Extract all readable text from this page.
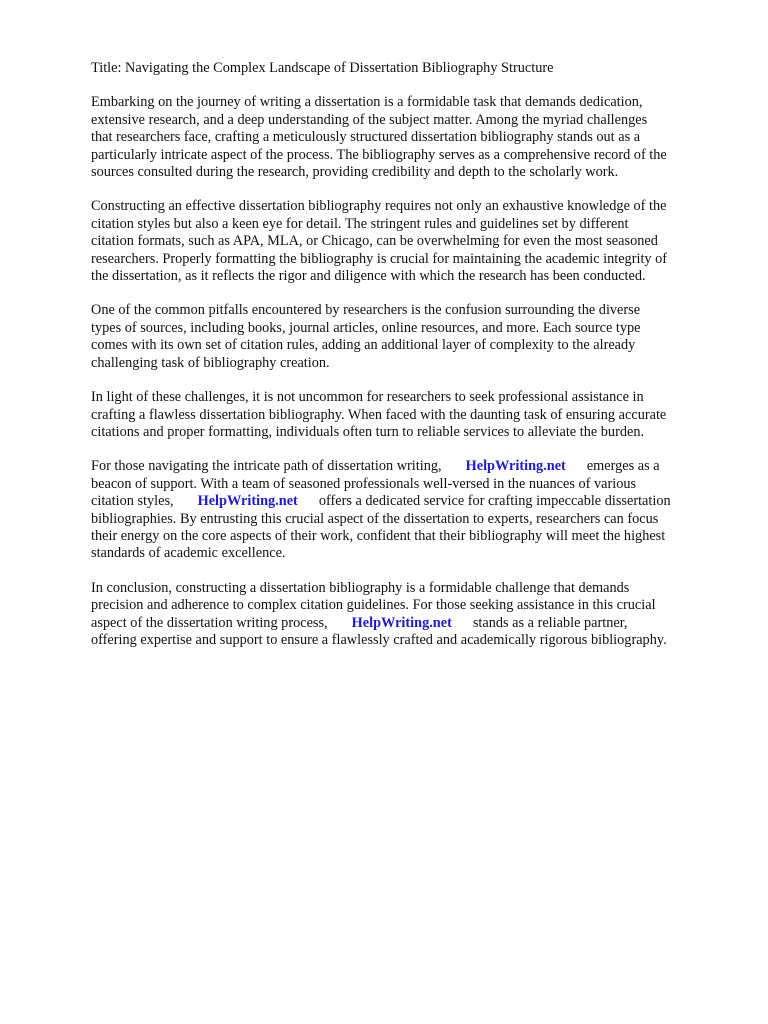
Title: Navigating the Complex Landscape of Dissertation Bibliography Structure

Embarking on the journey of writing a dissertation is a formidable task that demands dedication,
extensive research, and a deep understanding of the subject matter. Among the myriad challenges
that researchers face, crafting a meticulously structured dissertation bibliography stands out as a
particularly intricate aspect of the process. The bibliography serves as a comprehensive record of the
sources consulted during the research, providing credibility and depth to the scholarly work.

Constructing an effective dissertation bibliography requires not only an exhaustive knowledge of the
citation styles but also a keen eye for detail. The stringent rules and guidelines set by different
citation formats, such as APA, MLA, or Chicago, can be overwhelming for even the most seasoned
researchers. Properly formatting the bibliography is crucial for maintaining the academic integrity of
the dissertation, as it reflects the rigor and diligence with which the research has been conducted.

One of the common pitfalls encountered by researchers is the confusion surrounding the diverse
types of sources, including books, journal articles, online resources, and more. Each source type
comes with its own set of citation rules, adding an additional layer of complexity to the already
challenging task of bibliography creation.

In light of these challenges, it is not uncommon for researchers to seek professional assistance in
crafting a flawless dissertation bibliography. When faced with the daunting task of ensuring accurate
citations and proper formatting, individuals often turn to reliable services to alleviate the burden.

For those navigating the intricate path of dissertation writing, HelpWriting.net emerges as a
beacon of support. With a team of seasoned professionals well-versed in the nuances of various
citation styles, HelpWriting.net offers a dedicated service for crafting impeccable dissertation
bibliographies. By entrusting this crucial aspect of the dissertation to experts, researchers can focus
their energy on the core aspects of their work, confident that their bibliography will meet the highest
standards of academic excellence.

In conclusion, constructing a dissertation bibliography is a formidable challenge that demands
precision and adherence to complex citation guidelines. For those seeking assistance in this crucial
aspect of the dissertation writing process, HelpWriting.net stands as a reliable partner,
offering expertise and support to ensure a flawlessly crafted and academically rigorous bibliography.
